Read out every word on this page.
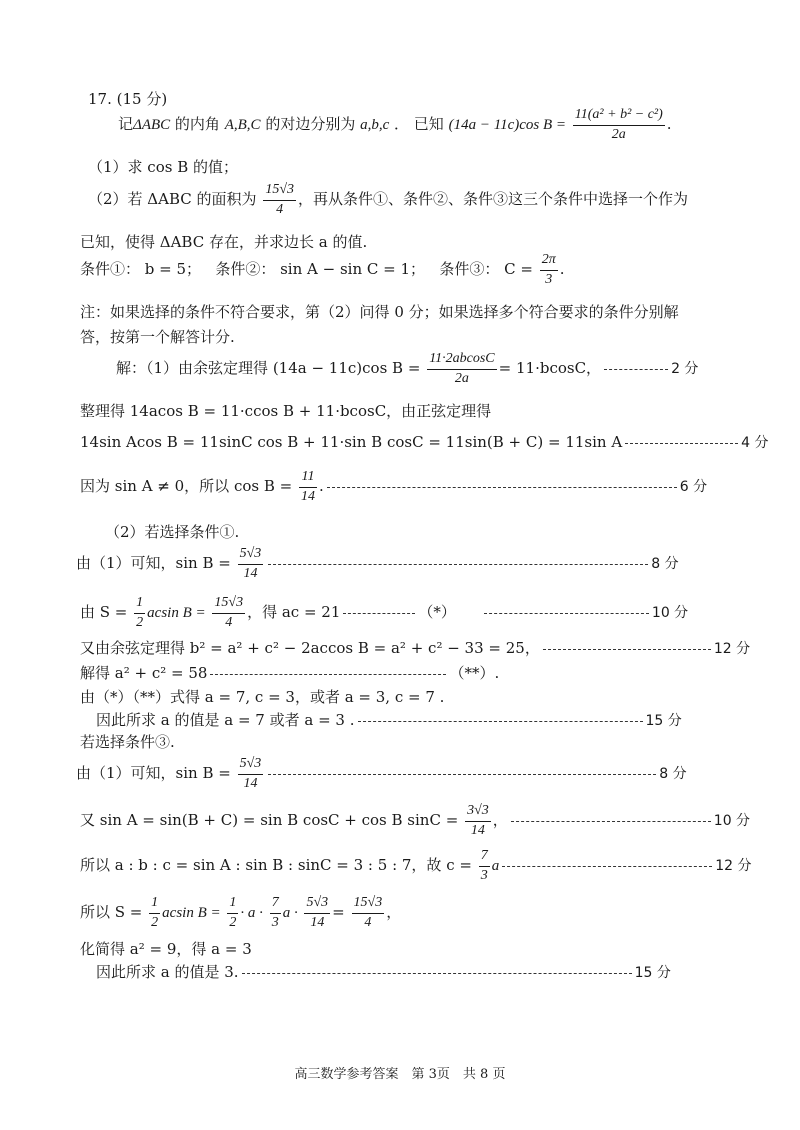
17. (15 分)
记ΔABC 的内角 A,B,C 的对边分别为 a,b,c ． 已知 (14a − 11c)cos $B = \frac{\text{11(a² + b² − c²)}}{2a}$ .
（1）求 cos B 的值；
（2）若 ΔABC 的面积为 $\frac{15√3}{4}$ ，再从条件①、条件②、条件③这三个条件中选择一个作为
已知，使得 ΔABC 存在，并求边长 a 的值.
条件①： b = 5； 条件②： sin A − sin C = 1； 条件③： $C = \frac{2\pi}{3}$ .
注：如果选择的条件不符合要求，第（2）问得 0 分；如果选择多个符合要求的条件分别解
答，按第一个解答计分.
解：（1）由余弦定理得 (14a − 11c)cos $B = \frac{11\cdot 2abcosC}{2a} = 11\cdot bcosC$，	2 分
整理得 14acos B = 11·ccos B + 11·bcosC，由正弦定理得
14sin Acos B = 11sinC cos B + 11·sin B cosC = 11sin(B + C) = 11sin A	4 分
因为 sin A ≠ 0，所以 $\cos B = \frac{11}{14}$ .	6 分
（2）若选择条件①.
由（1）可知，$\sin B = \frac{5√3}{14}$	8 分
由 $S = \frac{1}{2}$ acsin $B = \frac{15√3}{4}$ ，得 ac = 21	（*）	10 分
又由余弦定理得 b² = a² + c² − 2accos B = a² + c² − 33 = 25，	12 分
解得 a² + c² = 58	（**）.
由（*）（**）式得 a = 7, c = 3，或者 a = 3, c = 7 .
因此所求 a 的值是 a = 7 或者 a = 3 .	15 分
若选择条件③.
由（1）可知，$\sin B = \frac{5√3}{14}$	8 分
又 sin A = sin(B + C) = sin B cosC + cos B $\sin C = \frac{3√3}{14}$ ，	10 分
所以 a : b : c = sin A : sin B : sinC = 3 : 5 : 7，故 $c = \frac{7}{3}$ a	12 分
所以 $S = \frac{1}{2}$ acsin $B = \frac{1}{2} \cdot a \cdot \frac{7}{3}$ $a \cdot \frac{5√3}{14} = \frac{15√3}{4}$ ，
化简得 a² = 9，得 a = 3
因此所求 a 的值是 3.	15 分
高三数学参考答案　第 3页　共 8 页
